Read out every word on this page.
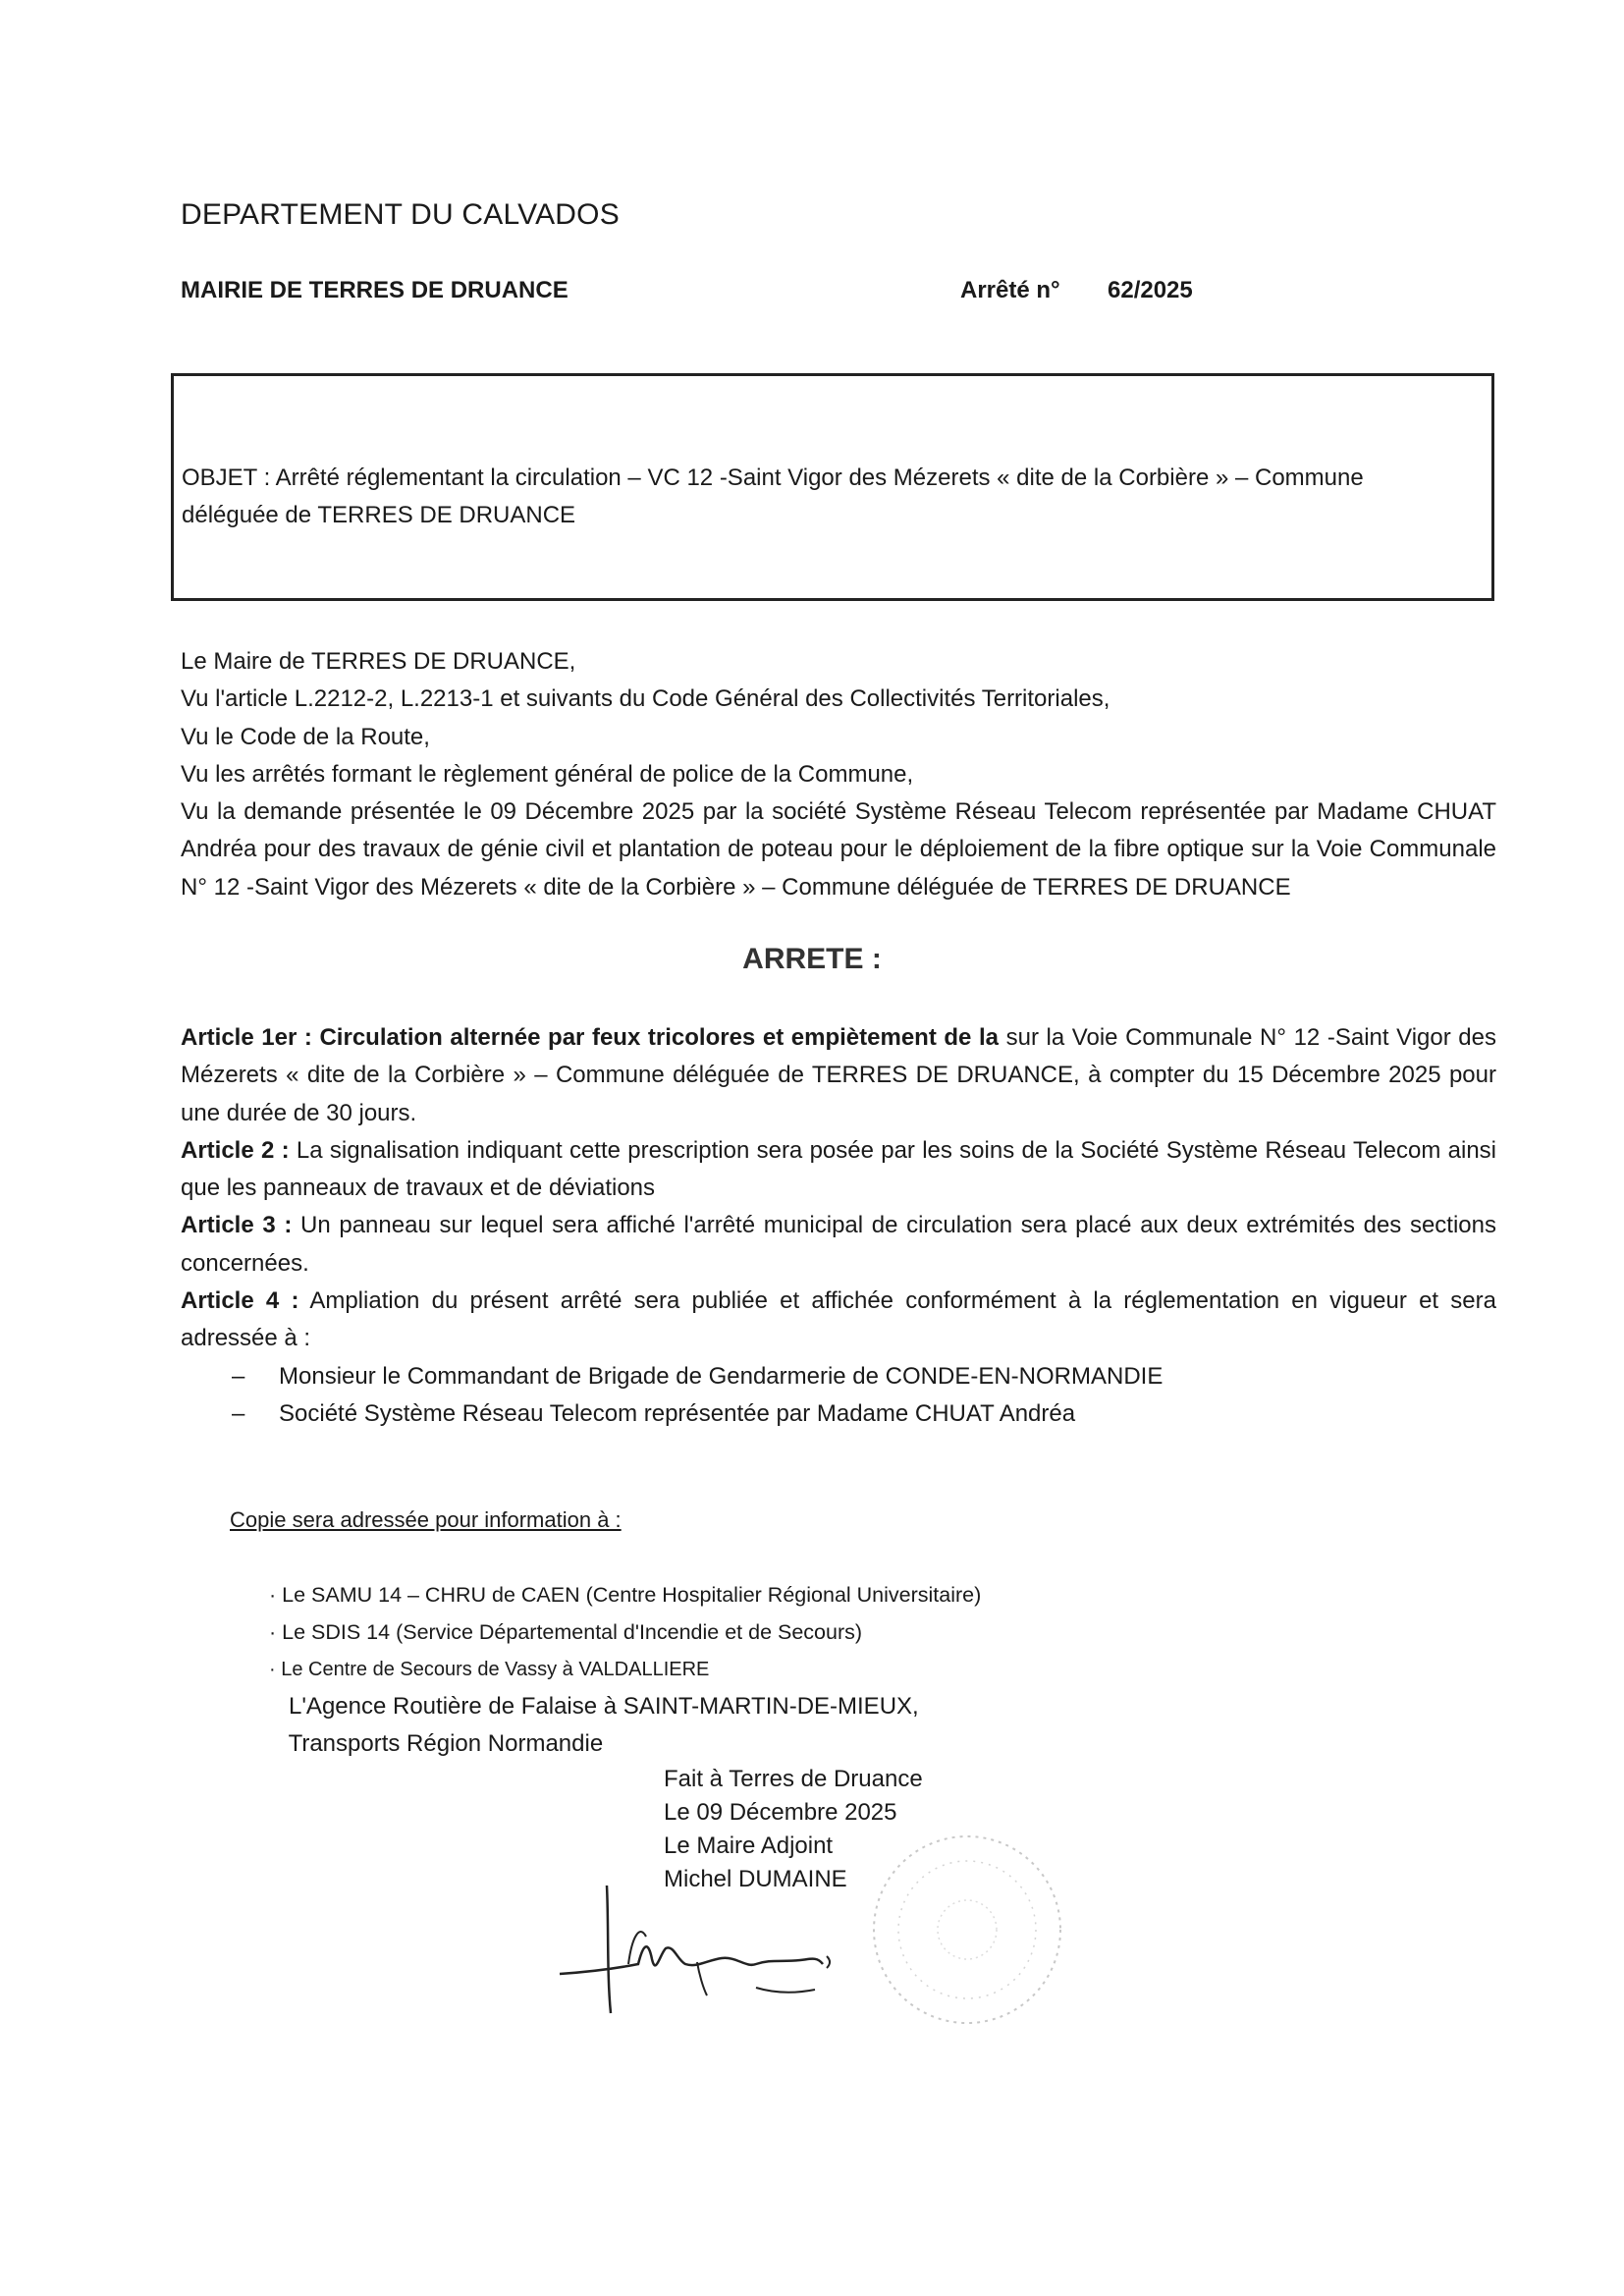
DEPARTEMENT DU CALVADOS
MAIRIE DE TERRES DE DRUANCE	Arrêté n° 62/2025
OBJET : Arrêté réglementant la circulation – VC 12 -Saint Vigor des Mézerets « dite de la Corbière » – Commune déléguée de TERRES DE DRUANCE

Le Maire de TERRES DE DRUANCE,

Vu l'article L.2212-2, L.2213-1 et suivants du Code Général des Collectivités Territoriales,

Vu le Code de la Route,

Vu les arrêtés formant le règlement général de police de la Commune,

Vu la demande présentée le 09 Décembre 2025 par la société Système Réseau Telecom représentée par Madame CHUAT Andréa pour des travaux de génie civil et plantation de poteau pour le déploiement de la fibre optique sur la Voie Communale N° 12 -Saint Vigor des Mézerets « dite de la Corbière » – Commune déléguée de TERRES DE DRUANCE

ARRETE :

Article 1er : Circulation alternée par feux tricolores et empiètement de la sur la Voie Communale N° 12 -Saint Vigor des Mézerets « dite de la Corbière » – Commune déléguée de TERRES DE DRUANCE, à compter du 15 Décembre 2025 pour une durée de 30 jours.

Article 2 : La signalisation indiquant cette prescription sera posée par les soins de la Société Système Réseau Telecom ainsi que les panneaux de travaux et de déviations

Article 3 : Un panneau sur lequel sera affiché l'arrêté municipal de circulation sera placé aux deux extrémités des sections concernées.

Article 4 : Ampliation du présent arrêté sera publiée et affichée conformément à la réglementation en vigueur et sera adressée à :

– Monsieur le Commandant de Brigade de Gendarmerie de CONDE-EN-NORMANDIE
– Société Système Réseau Telecom représentée par Madame CHUAT Andréa
Copie sera adressée pour information à :
· Le SAMU 14 – CHRU de CAEN (Centre Hospitalier Régional Universitaire)
· Le SDIS 14 (Service Départemental d'Incendie et de Secours)
· Le Centre de Secours de Vassy à VALDALLIERE
L'Agence Routière de Falaise à SAINT-MARTIN-DE-MIEUX,
Transports Région Normandie
Fait à Terres de Druance
Le 09 Décembre 2025
Le Maire Adjoint
Michel DUMAINE
